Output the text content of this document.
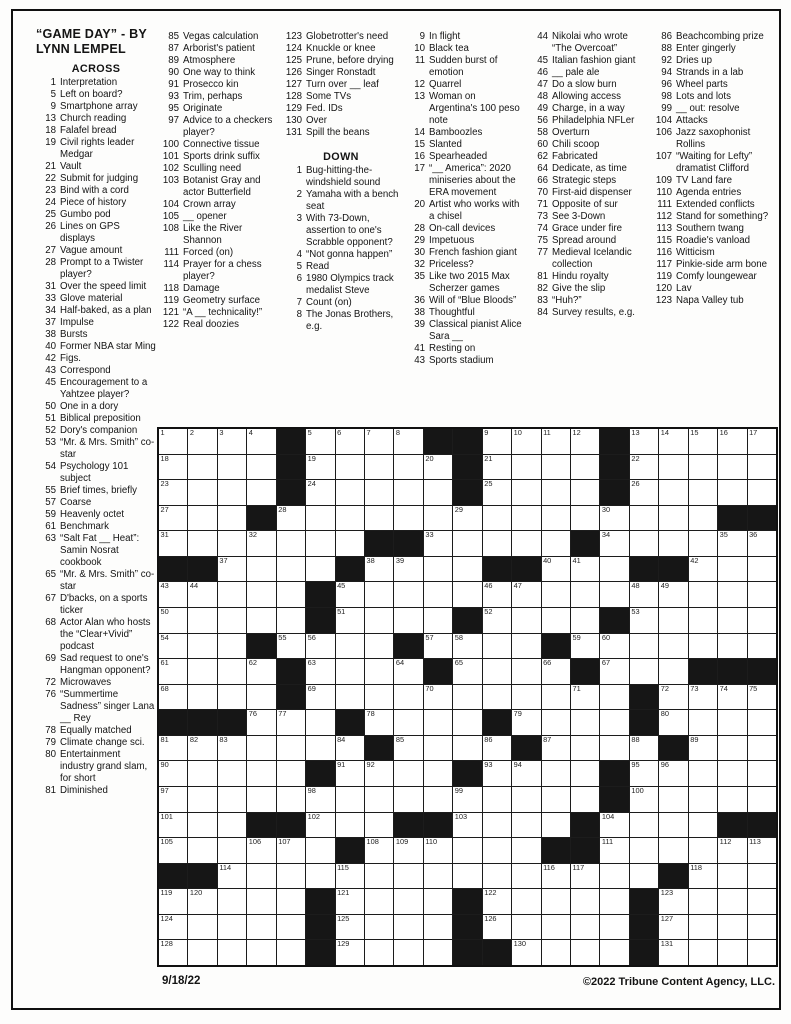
“GAME DAY” - BY LYNN LEMPEL
ACROSS
1 Interpretation
5 Left on board?
9 Smartphone array
13 Church reading
18 Falafel bread
19 Civil rights leader Medgar
21 Vault
22 Submit for judging
23 Bind with a cord
24 Piece of history
25 Gumbo pod
26 Lines on GPS displays
27 Vague amount
28 Prompt to a Twister player?
31 Over the speed limit
33 Glove material
34 Half-baked, as a plan
37 Impulse
38 Bursts
40 Former NBA star Ming
42 Figs.
43 Correspond
45 Encouragement to a Yahtzee player?
50 One in a dory
51 Biblical preposition
52 Dory's companion
53 “Mr. & Mrs. Smith” co-star
54 Psychology 101 subject
55 Brief times, briefly
57 Coarse
59 Heavenly octet
61 Benchmark
63 “Salt Fat __ Heat”: Samin Nosrat cookbook
65 “Mr. & Mrs. Smith” co-star
67 D'backs, on a sports ticker
68 Actor Alan who hosts the “Clear+Vivid” podcast
69 Sad request to one's Hangman opponent?
72 Microwaves
76 “Summertime Sadness” singer Lana __ Rey
78 Equally matched
79 Climate change sci.
80 Entertainment industry grand slam, for short
81 Diminished
85 Vegas calculation
87 Arborist's patient
89 Atmosphere
90 One way to think
91 Prosecco kin
93 Trim, perhaps
95 Originate
97 Advice to a checkers player?
100 Connective tissue
101 Sports drink suffix
102 Sculling need
103 Botanist Gray and actor Butterfield
104 Crown array
105 __ opener
108 Like the River Shannon
111 Forced (on)
114 Prayer for a chess player?
118 Damage
119 Geometry surface
121 “A __ technicality!”
122 Real doozies
123 Globetrotter's need
124 Knuckle or knee
125 Prune, before drying
126 Singer Ronstadt
127 Turn over __ leaf
128 Some TVs
129 Fed. IDs
130 Over
131 Spill the beans
DOWN
1 Bug-hitting-the-windshield sound
2 Yamaha with a bench seat
3 With 73-Down, assertion to one's Scrabble opponent?
4 “Not gonna happen”
5 Read
6 1980 Olympics track medalist Steve
7 Count (on)
8 The Jonas Brothers, e.g.
9 In flight
10 Black tea
11 Sudden burst of emotion
12 Quarrel
13 Woman on Argentina's 100 peso note
14 Bamboozles
15 Slanted
16 Spearheaded
17 “__ America”: 2020 miniseries about the ERA movement
20 Artist who works with a chisel
28 On-call devices
29 Impetuous
30 French fashion giant
32 Priceless?
35 Like two 2015 Max Scherzer games
36 Will of “Blue Bloods”
38 Thoughtful
39 Classical pianist Alice Sara __
41 Resting on
43 Sports stadium
44 Nikolai who wrote “The Overcoat”
45 Italian fashion giant
46 __ pale ale
47 Do a slow burn
48 Allowing access
49 Charge, in a way
56 Philadelphia NFLer
58 Overturn
60 Chili scoop
62 Fabricated
64 Dedicate, as time
66 Strategic steps
70 First-aid dispenser
71 Opposite of sur
73 See 3-Down
74 Grace under fire
75 Spread around
77 Medieval Icelandic collection
81 Hindu royalty
82 Give the slip
83 “Huh?”
84 Survey results, e.g.
86 Beachcombing prize
88 Enter gingerly
92 Dries up
94 Strands in a lab
96 Wheel parts
98 Lots and lots
99 __ out: resolve
104 Attacks
106 Jazz saxophonist Rollins
107 “Waiting for Lefty” dramatist Clifford
109 TV Land fare
110 Agenda entries
111 Extended conflicts
112 Stand for something?
113 Southern twang
115 Roadie's vanload
116 Witticism
117 Pinkie-side arm bone
119 Comfy loungewear
120 Lav
123 Napa Valley tub
1	2	3	4	5	6	7	8	9	10	11	12	13	14	15	16	17
18	19	20	21	22
23	24	25	26
27	28	29	30
31	32	33	34	35	36
37	38	39	40	41	42
43	44	45	46	47	48	49
50	51	52	53
54	55	56	57	58	59	60
61	62	63	64	65	66	67
68	69	70	71	72	73	74	75
76	77	78	79	80
81	82	83	84	85	86	87	88	89
90	91	92	93	94	95	96
97	98	99	100
101	102	103	104
105	106 107	108 109 110	111	112 113
114	115	116 117	118
119 120	121	122	123
124	125	126	127
128	129	130	131
9/18/22	©2022 Tribune Content Agency, LLC.
